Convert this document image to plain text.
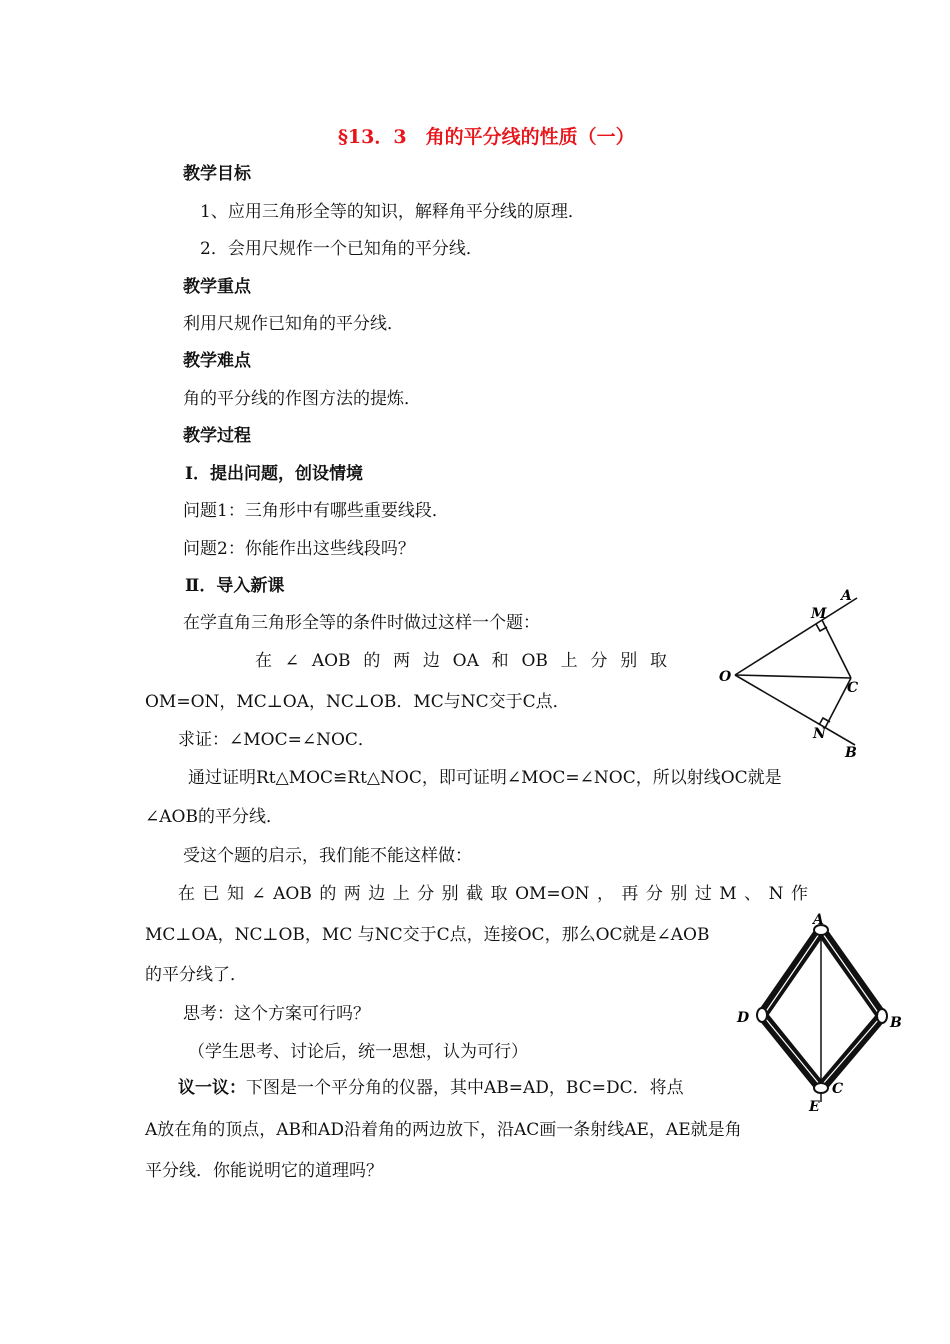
§13．3　角的平分线的性质（一）
教学目标
1、应用三角形全等的知识，解释角平分线的原理．
2．会用尺规作一个已知角的平分线．
教学重点
利用尺规作已知角的平分线．
教学难点
角的平分线的作图方法的提炼．
教学过程
Ⅰ．提出问题，创设情境
问题1：三角形中有哪些重要线段．
问题2：你能作出这些线段吗？
Ⅱ．导入新课
在学直角三角形全等的条件时做过这样一个题：
在 ∠ AOB 的 两 边 OA 和 OB 上 分 别 取
OM=ON，MC⊥OA，NC⊥OB．MC与NC交于C点．
求证：∠MOC=∠NOC．
通过证明Rt△MOC≌Rt△NOC，即可证明∠MOC=∠NOC，所以射线OC就是
∠AOB的平分线．
受这个题的启示，我们能不能这样做：
在 已 知 ∠ AOB 的 两 边 上 分 别 截 取 OM=ON ， 再 分 别 过 M 、 N 作
MC⊥OA，NC⊥OB，MC 与NC交于C点，连接OC，那么OC就是∠AOB
的平分线了．
思考：这个方案可行吗？
（学生思考、讨论后，统一思想，认为可行）
议一议：下图是一个平分角的仪器，其中AB=AD，BC=DC．将点
A放在角的顶点，AB和AD沿着角的两边放下，沿AC画一条射线AE，AE就是角
平分线．你能说明它的道理吗？
A
M
O
C
N
B
A
D	B
C
E
